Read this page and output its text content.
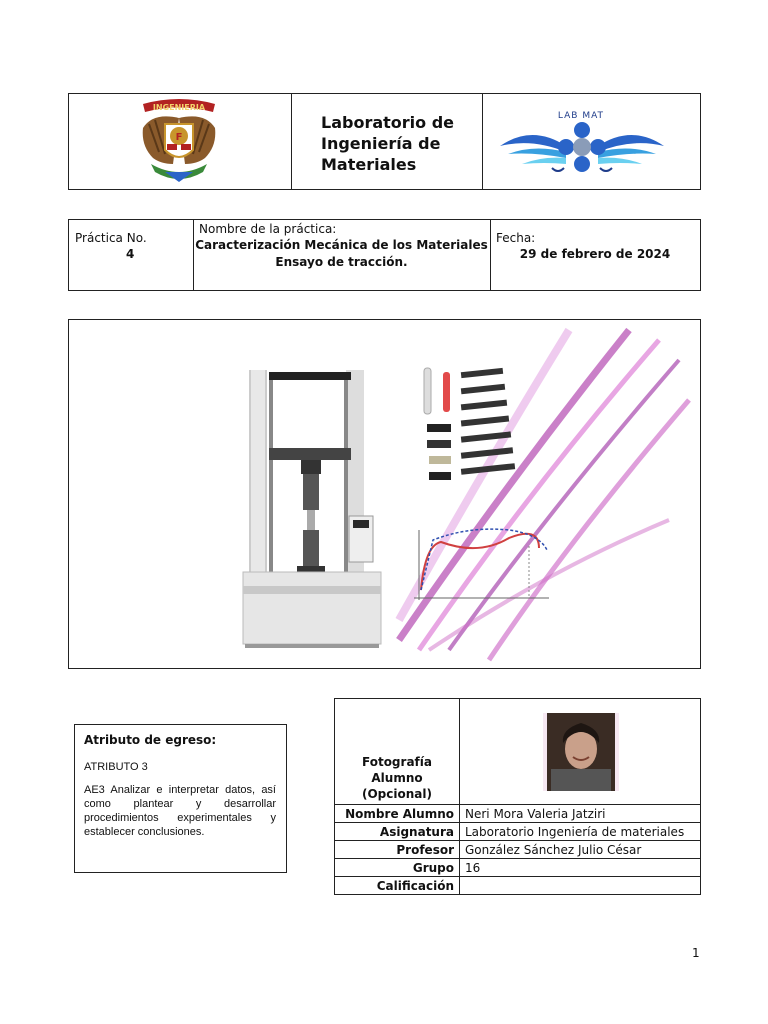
INGENIERIA
F
Laboratorio de Ingeniería de Materiales
LAB MAT
Práctica No.
4
Nombre de la práctica:
Caracterización Mecánica de los Materiales
Ensayo de tracción.
Fecha:
29 de febrero de 2024
Atributo de egreso:
ATRIBUTO 3
AE3 Analizar e interpretar datos, así como plantear y desarrollar procedimientos experimentales y establecer conclusiones.
Fotografía Alumno (Opcional)	

Nombre Alumno	Neri Mora Valeria Jatziri
Asignatura	Laboratorio Ingeniería de materiales
Profesor	González Sánchez Julio César
Grupo	16
Calificación	
1
